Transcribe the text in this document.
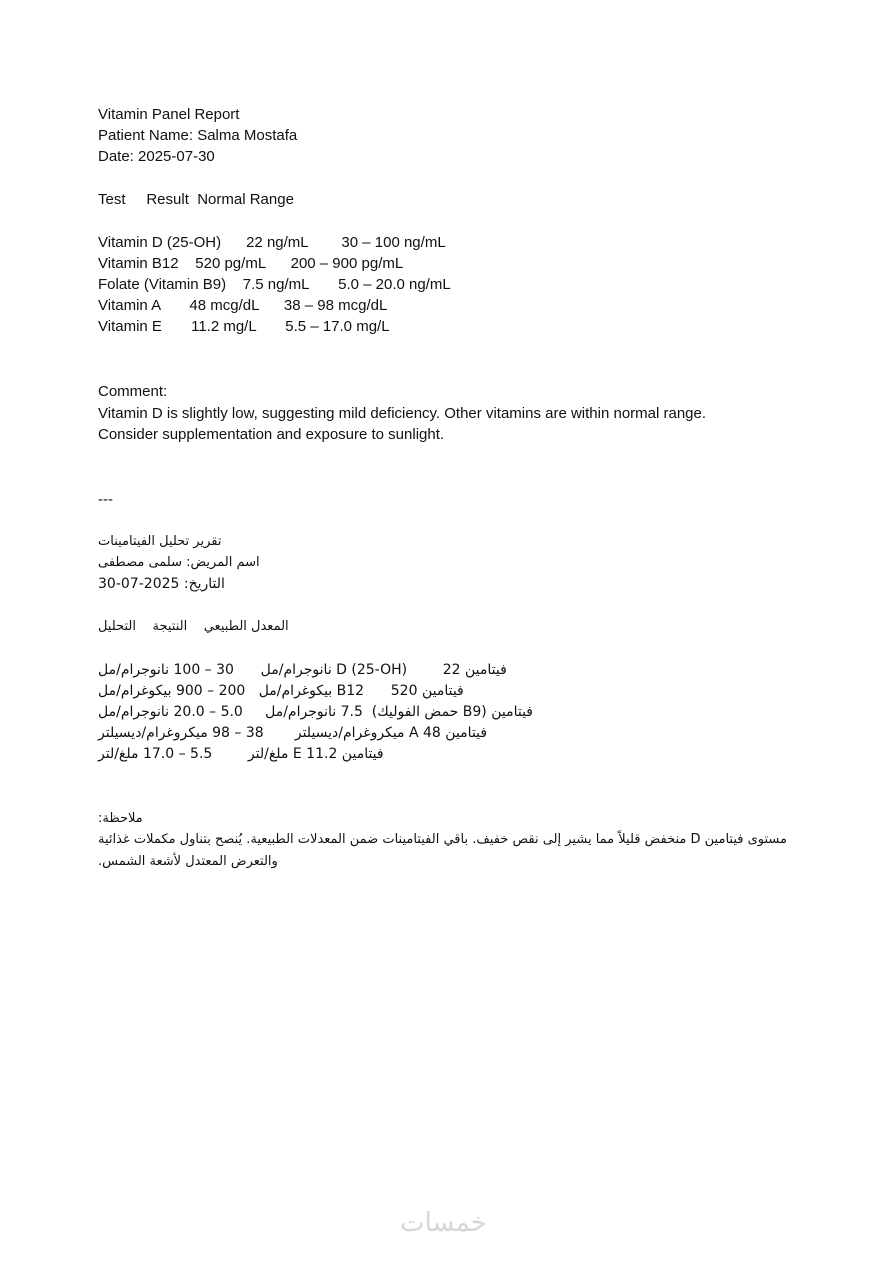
Vitamin Panel Report
Patient Name: Salma Mostafa
Date: 2025-07-30
Test     Result  Normal Range
Vitamin D (25-OH)      22 ng/mL        30 – 100 ng/mL
Vitamin B12    520 pg/mL      200 – 900 pg/mL
Folate (Vitamin B9)    7.5 ng/mL       5.0 – 20.0 ng/mL
Vitamin A       48 mcg/dL      38 – 98 mcg/dL
Vitamin E       11.2 mg/L       5.5 – 17.0 mg/L
Comment:
Vitamin D is slightly low, suggesting mild deficiency. Other vitamins are within normal range.
Consider supplementation and exposure to sunlight.
---
تقرير تحليل الفيتامينات
اسم المريض: سلمى مصطفى
التاريخ: 2025-07-30
المعدل الطبيعي    النتيجة    التحليل
فيتامين D (25-OH)        22 نانوجرام/مل      30 – 100 نانوجرام/مل
فيتامين B12      520 بيكوغرام/مل   200 – 900 بيكوغرام/مل
فيتامين (B9 حمض الفوليك)  7.5 نانوجرام/مل     5.0 – 20.0 نانوجرام/مل
فيتامين A 48 ميكروغرام/ديسيلتر       38 – 98 ميكروغرام/ديسيلتر
فيتامين E 11.2 ملغ/لتر        5.5 – 17.0 ملغ/لتر
ملاحظة:
مستوى فيتامين D منخفض قليلاً مما يشير إلى نقص خفيف. باقي الفيتامينات ضمن المعدلات الطبيعية. يُنصح بتناول مكملات غذائية
والتعرض المعتدل لأشعة الشمس.
خمسات
